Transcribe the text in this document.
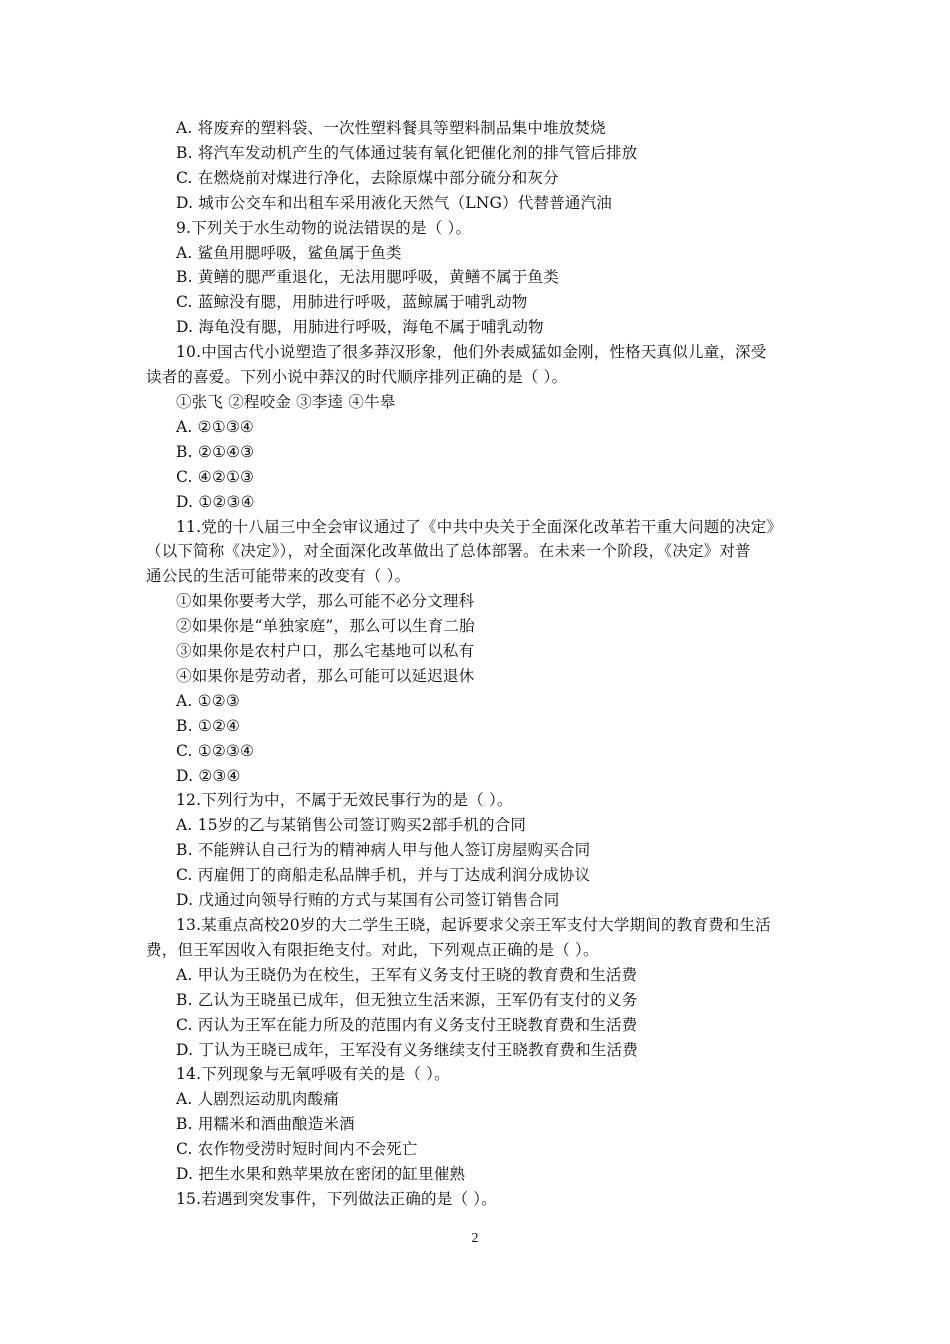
A. 将废弃的塑料袋、一次性塑料餐具等塑料制品集中堆放焚烧
B. 将汽车发动机产生的气体通过装有氧化钯催化剂的排气管后排放
C. 在燃烧前对煤进行净化，去除原煤中部分硫分和灰分
D. 城市公交车和出租车采用液化天然气（LNG）代替普通汽油
9.下列关于水生动物的说法错误的是（ ）。
A. 鲨鱼用腮呼吸，鲨鱼属于鱼类
B. 黄鳝的腮严重退化，无法用腮呼吸，黄鳝不属于鱼类
C. 蓝鲸没有腮，用肺进行呼吸，蓝鲸属于哺乳动物
D. 海龟没有腮，用肺进行呼吸，海龟不属于哺乳动物
10.中国古代小说塑造了很多莽汉形象，他们外表威猛如金刚，性格天真似儿童，深受
读者的喜爱。下列小说中莽汉的时代顺序排列正确的是（ ）。
①张飞 ②程咬金 ③李逵 ④牛皋
A. ②①③④
B. ②①④③
C. ④②①③
D. ①②③④
11.党的十八届三中全会审议通过了《中共中央关于全面深化改革若干重大问题的决定》
（以下简称《决定》），对全面深化改革做出了总体部署。在未来一个阶段，《决定》对普
通公民的生活可能带来的改变有（ ）。
①如果你要考大学，那么可能不必分文理科
②如果你是“单独家庭”，那么可以生育二胎
③如果你是农村户口，那么宅基地可以私有
④如果你是劳动者，那么可能可以延迟退休
A. ①②③
B. ①②④
C. ①②③④
D. ②③④
12.下列行为中，不属于无效民事行为的是（ ）。
A. 15岁的乙与某销售公司签订购买2部手机的合同
B. 不能辨认自己行为的精神病人甲与他人签订房屋购买合同
C. 丙雇佣丁的商船走私品牌手机，并与丁达成利润分成协议
D. 戊通过向领导行贿的方式与某国有公司签订销售合同
13.某重点高校20岁的大二学生王晓，起诉要求父亲王军支付大学期间的教育费和生活
费，但王军因收入有限拒绝支付。对此，下列观点正确的是（ ）。
A. 甲认为王晓仍为在校生，王军有义务支付王晓的教育费和生活费
B. 乙认为王晓虽已成年，但无独立生活来源，王军仍有支付的义务
C. 丙认为王军在能力所及的范围内有义务支付王晓教育费和生活费
D. 丁认为王晓已成年，王军没有义务继续支付王晓教育费和生活费
14.下列现象与无氧呼吸有关的是（ ）。
A. 人剧烈运动肌肉酸痛
B. 用糯米和酒曲酿造米酒
C. 农作物受涝时短时间内不会死亡
D. 把生水果和熟苹果放在密闭的缸里催熟
15.若遇到突发事件，下列做法正确的是（ ）。
2
